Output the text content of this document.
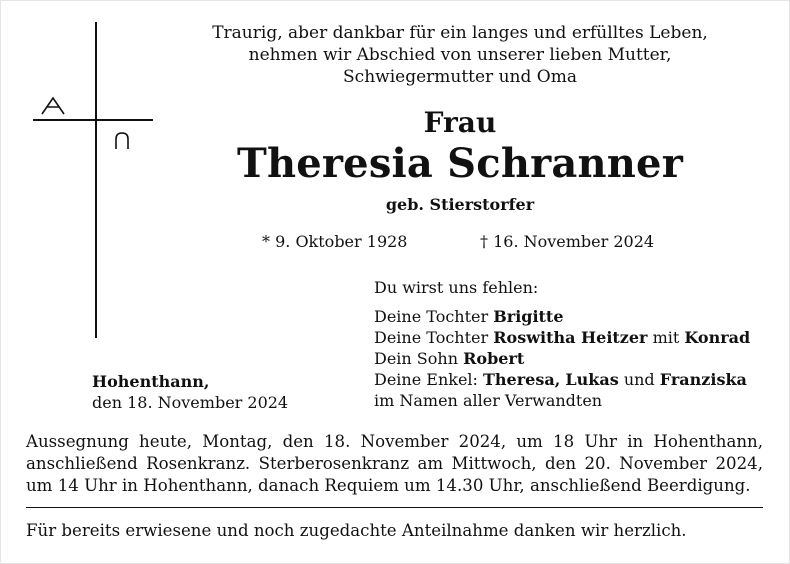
Traurig, aber dankbar für ein langes und erfülltes Leben,
nehmen wir Abschied von unserer lieben Mutter,
Schwiegermutter und Oma
Frau
Theresia Schranner
geb. Stierstorfer
* 9. Oktober 1928	† 16. November 2024
Du wirst uns fehlen:
Deine Tochter Brigitte
Deine Tochter Roswitha Heitzer mit Konrad
Dein Sohn Robert
Deine Enkel: Theresa, Lukas und Franziska
im Namen aller Verwandten
Hohenthann,
den 18. November 2024
Aussegnung heute, Montag, den 18. November 2024, um 18 Uhr in Hohenthann, anschließend Rosenkranz. Sterberosenkranz am Mittwoch, den 20. November 2024, um 14 Uhr in Hohenthann, danach Requiem um 14.30 Uhr, anschließend Beerdigung.
Für bereits erwiesene und noch zugedachte Anteilnahme danken wir herzlich.
